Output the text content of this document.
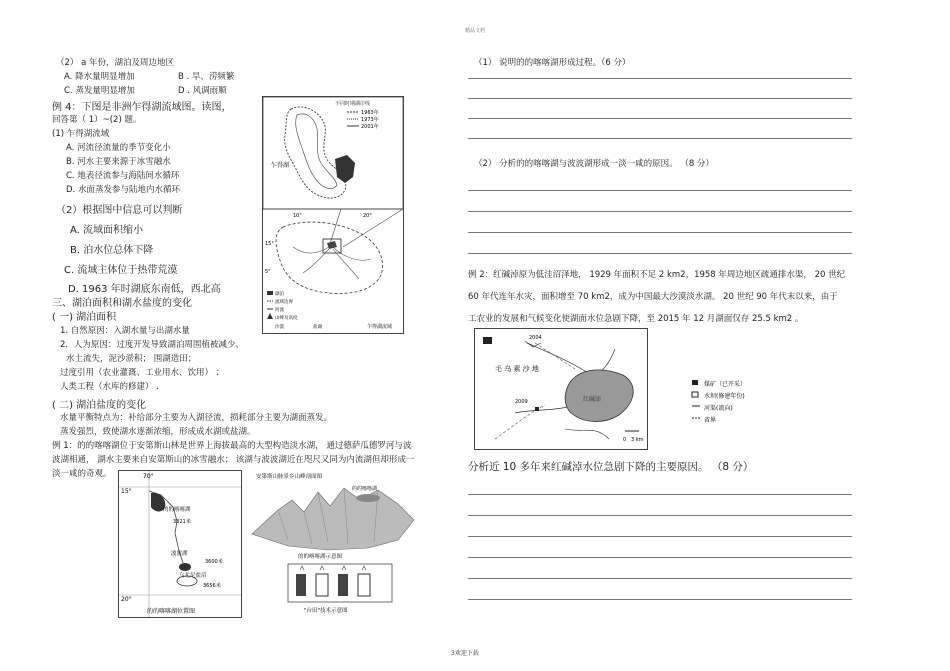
精品文档
3欢迎下载
（2） a 年份，湖泊及周边地区
A. 降水量明显增加	B . 旱、涝频繁
C. 蒸发量明显增加	D . 风调雨顺
例 4：下图是非洲乍得湖流域图。读图，
回答第（ 1）~(2) 题。
(1) 乍得湖流域
A. 河流径流量的季节变化小
B. 河水主要来源于冰雪融水
C. 地表径流参与海陆间水循环
D. 水面蒸发参与陆地内水循环
（2）根据图中信息可以判断
A. 流域面积缩小
B. 泊水位总体下降
C. 流域主体位于热带荒漠
D. 1963 年时湖底东南低，西北高
三、湖泊面积和湖水盐度的变化
( 一) 湖泊面积
1. 自然原因：入湖水量与出湖水量
2．人为原因：过度开发导致湖泊周围植被减少、
水土流失，泥沙淤积； 围湖造田；
过度引用（农业灌溉、工业用水、饮用） ；
人类工程（水库的修建） .
( 二) 湖泊盐度的变化
水量平衡特点为：补给部分主要为入湖径流，损耗部分主要为湖面蒸发。
蒸发强烈，致使湖水逐渐浓缩，形成成水湖或盐湖。
例 1：的的喀喀湖位于安第斯山林是世界上海拔最高的大型构造淡水湖， 通过德萨瓜德罗河与波
波湖相通， 湖水主要来自安第斯山的冰雪融水； 该湖与波波湖近在咫尺又同为内流湖但却形成一
淡一咸的奇观。
不同时期湖岸线
1963年
1973年
2001年
乍得湖
10°	20°
15°
5°
湖泊
流域边界
河流
山峰及高度
沙漠	盐湖	乍得湖流域
70°
15°
20°
的的喀喀湖
3821米
波波湖
3600米
乌尤尼盐沼
3656米
的的喀喀湖位置图
安第斯山脉景乡山峰剖面图
的的喀喀湖
的的喀喀湖示意图
"台田"技术示意图
（1） 说明的的喀喀湖形成过程。（6 分）
（2） 分析的的喀喀湖与波波湖形成一淡一咸的原因。 （8 分）
例 2：红碱淖原为低洼沼泽地， 1929 年面积不足 2 km2，1958 年周边地区疏通排水渠， 20 世纪
60 年代连年水灾，面积增至 70 km2，成为中国最大沙漠淡水湖。 20 世纪 90 年代末以来，由于
工农业的发展和气候变化使湖面水位急剧下降，至 2015 年 12 月湖面仅存 25.5 km2 。
2004
毛 乌 素 沙 地
红碱淖
2009
0 3 km
煤矿（已开采）
水坝(修建年份)
河渠(流向)
省界
分析近 10 多年来红碱淖水位急剧下降的主要原因。 （8 分）
